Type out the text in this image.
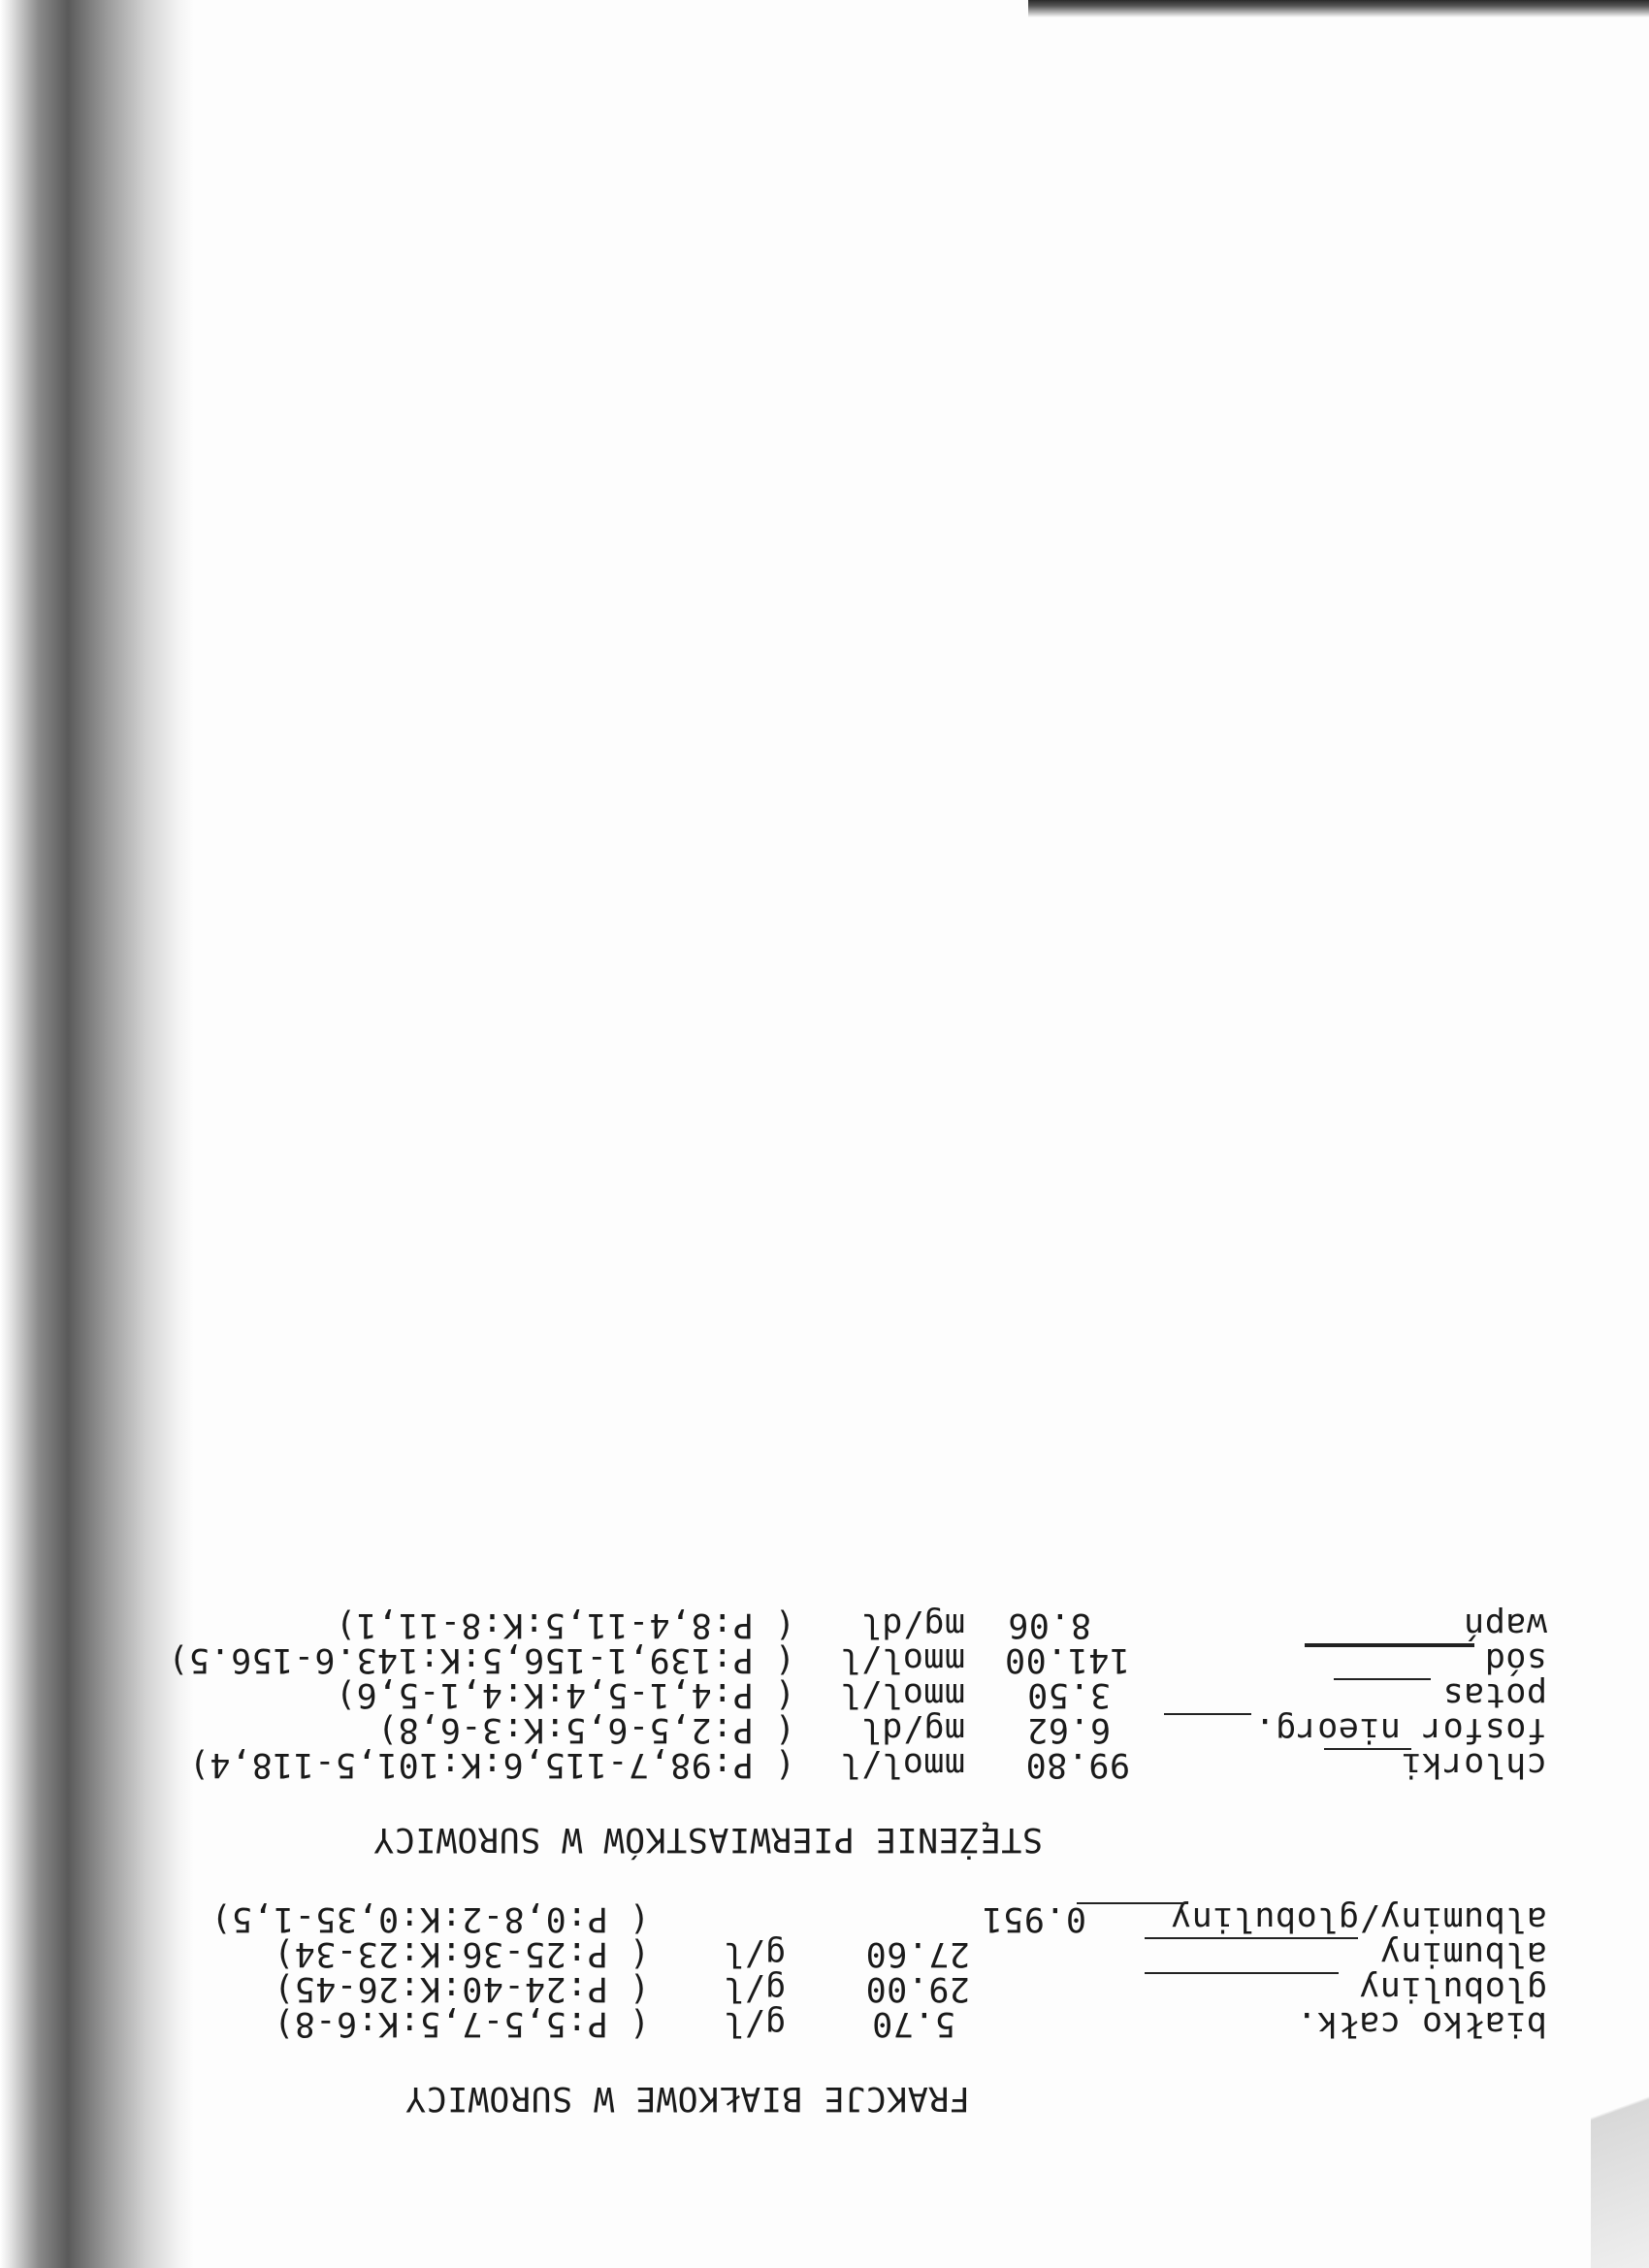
FRAKCJE BIAŁKOWE W SUROWICY
białko całk.
5.70
g/l
( P:5,5-7,5:K:6-8)
globuliny
29.00
g/l
( P:24-40:K:26-45)
albuminy
27.60
g/l
( P:25-36:K:23-34)
albuminy/globuliny
0.951
( P:0,8-2:K:0,35-1,5)
STĘŻENIE PIERWIASTKÓW W SUROWICY
chlorki
99.80
mmol/l
( P:98,7-115,6:K:101,5-118,4)
fosfor nieorg.
6.62
mg/dl
( P:2,5-6,5:K:3-6,8)
potas
3.50
mmol/l
( P:4,1-5,4:K:4,1-5,6)
sód
141.00
mmol/l
( P:139,1-156,5:K:143.6-156.5)
wapń
8.06
mg/dl
( P:8,4-11,5:K:8-11,1)
